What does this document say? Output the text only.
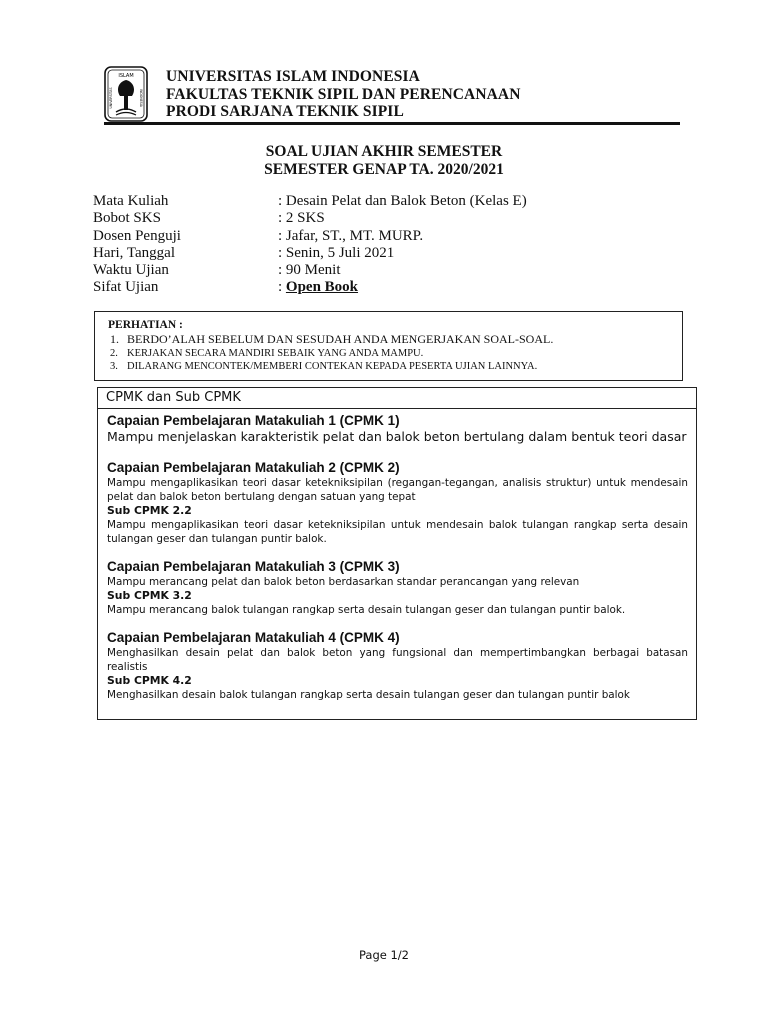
ISLAM
UNIVERSITAS	INDONESIA
UNIVERSITAS ISLAM INDONESIA
FAKULTAS TEKNIK SIPIL DAN PERENCANAAN
PRODI SARJANA TEKNIK SIPIL
SOAL UJIAN AKHIR SEMESTER
SEMESTER GENAP TA. 2020/2021
Mata Kuliah	: Desain Pelat dan Balok Beton (Kelas E)
Bobot SKS	: 2 SKS
Dosen Penguji	: Jafar, ST., MT. MURP.
Hari, Tanggal	: Senin, 5 Juli 2021
Waktu Ujian	: 90 Menit
Sifat Ujian	: Open Book
PERHATIAN :
1. BERDO’ALAH SEBELUM DAN SESUDAH ANDA MENGERJAKAN SOAL-SOAL.
2. KERJAKAN SECARA MANDIRI SEBAIK YANG ANDA MAMPU.
3. DILARANG MENCONTEK/MEMBERI CONTEKAN KEPADA PESERTA UJIAN LAINNYA.
CPMK dan Sub CPMK
Capaian Pembelajaran Matakuliah 1 (CPMK 1)
Mampu menjelaskan karakteristik pelat dan balok beton bertulang dalam bentuk teori dasar
Capaian Pembelajaran Matakuliah 2 (CPMK 2)
Mampu mengaplikasikan teori dasar ketekniksipilan (regangan-tegangan, analisis struktur) untuk mendesain pelat dan balok beton bertulang dengan satuan yang tepat
Sub CPMK 2.2
Mampu mengaplikasikan teori dasar ketekniksipilan untuk mendesain balok tulangan rangkap serta desain tulangan geser dan tulangan puntir balok.
Capaian Pembelajaran Matakuliah 3 (CPMK 3)
Mampu merancang pelat dan balok beton berdasarkan standar perancangan yang relevan
Sub CPMK 3.2
Mampu merancang balok tulangan rangkap serta desain tulangan geser dan tulangan puntir balok.
Capaian Pembelajaran Matakuliah 4 (CPMK 4)
Menghasilkan desain pelat dan balok beton yang fungsional dan mempertimbangkan berbagai batasan realistis
Sub CPMK 4.2
Menghasilkan desain balok tulangan rangkap serta desain tulangan geser dan tulangan puntir balok
Page 1/2
